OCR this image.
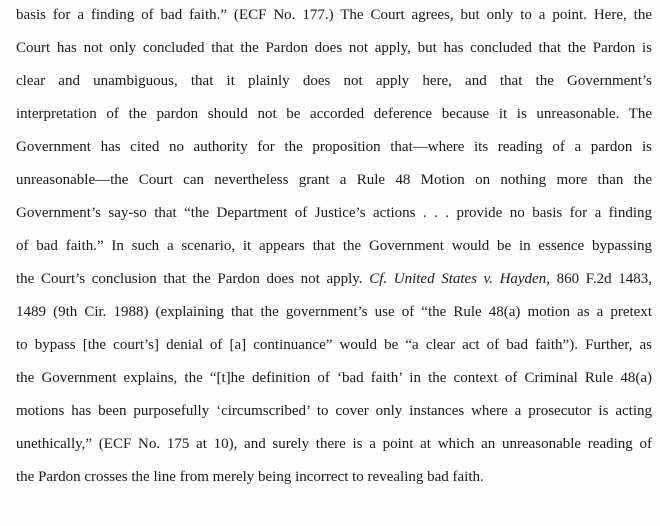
basis for a finding of bad faith.” (ECF No. 177.) The Court agrees, but only to a point. Here, the
Court has not only concluded that the Pardon does not apply, but has concluded that the Pardon is
clear and unambiguous, that it plainly does not apply here, and that the Government’s
interpretation of the pardon should not be accorded deference because it is unreasonable. The
Government has cited no authority for the proposition that—where its reading of a pardon is
unreasonable—the Court can nevertheless grant a Rule 48 Motion on nothing more than the
Government’s say-so that “the Department of Justice’s actions . . . provide no basis for a finding
of bad faith.” In such a scenario, it appears that the Government would be in essence bypassing
the Court’s conclusion that the Pardon does not apply. Cf. United States v. Hayden, 860 F.2d 1483,
1489 (9th Cir. 1988) (explaining that the government’s use of “the Rule 48(a) motion as a pretext
to bypass [the court’s] denial of [a] continuance” would be “a clear act of bad faith”). Further, as
the Government explains, the “[t]he definition of ‘bad faith’ in the context of Criminal Rule 48(a)
motions has been purposefully ‘circumscribed’ to cover only instances where a prosecutor is acting
unethically,” (ECF No. 175 at 10), and surely there is a point at which an unreasonable reading of
the Pardon crosses the line from merely being incorrect to revealing bad faith.
